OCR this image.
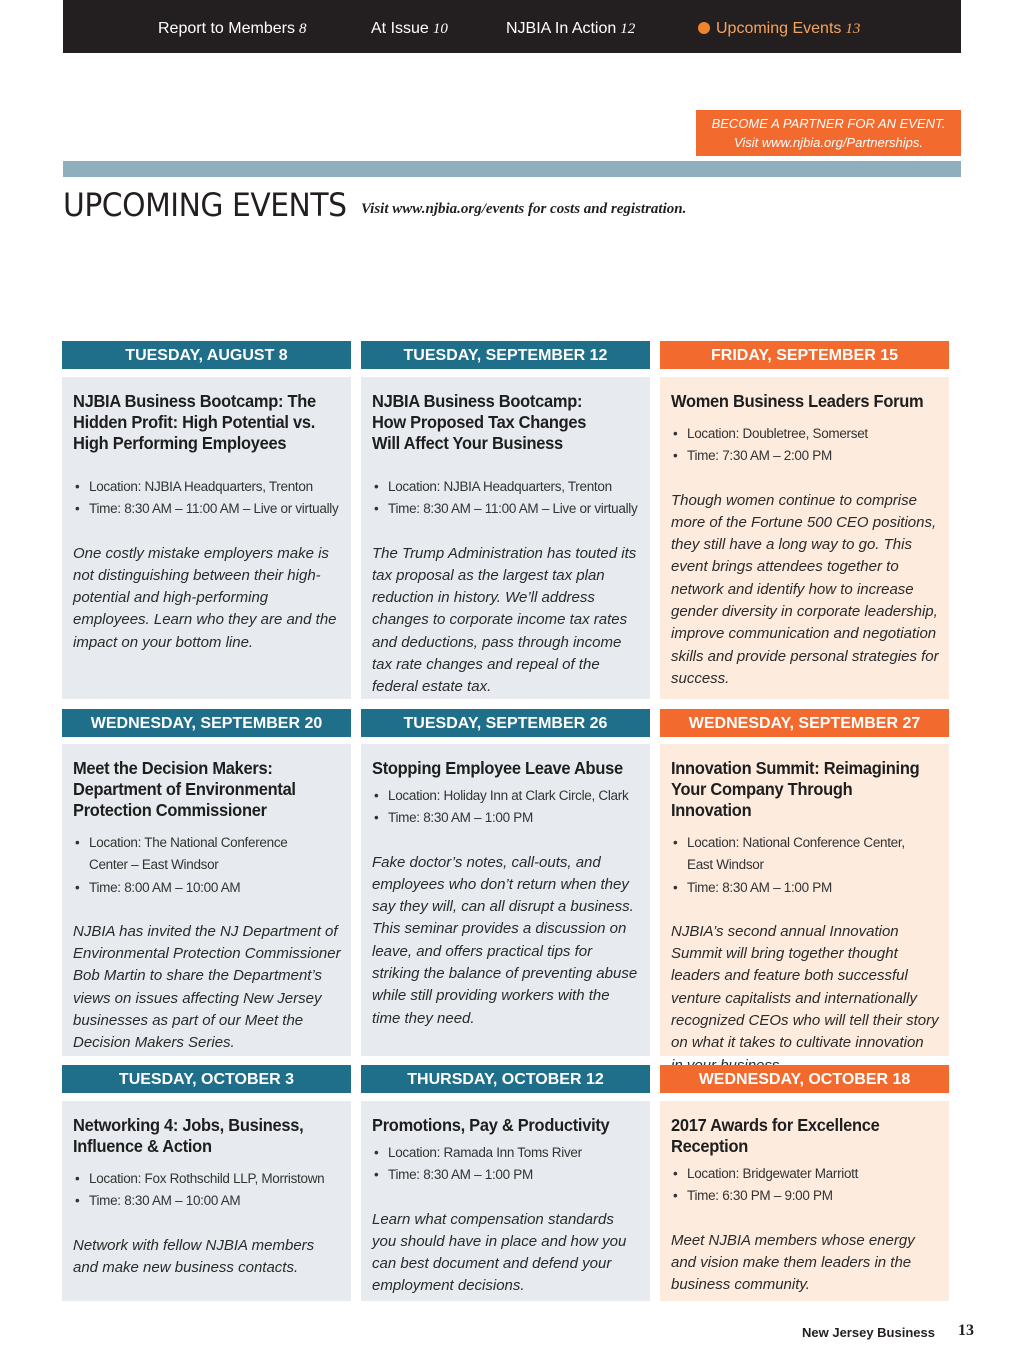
Report to Members 8	At Issue 10	NJBIA In Action 12	Upcoming Events 13
BECOME A PARTNER FOR AN EVENT.
Visit www.njbia.org/Partnerships.
UPCOMING EVENTS Visit www.njbia.org/events for costs and registration.
TUESDAY, AUGUST 8
NJBIA Business Bootcamp: The Hidden Profit: High Potential vs. High Performing Employees
• Location: NJBIA Headquarters, Trenton
• Time: 8:30 AM – 11:00 AM – Live or virtually
One costly mistake employers make is not distinguishing between their high-potential and high-performing employees. Learn who they are and the impact on your bottom line.
TUESDAY, SEPTEMBER 12
NJBIA Business Bootcamp: How Proposed Tax Changes Will Affect Your Business
• Location: NJBIA Headquarters, Trenton
• Time: 8:30 AM – 11:00 AM – Live or virtually
The Trump Administration has touted its tax proposal as the largest tax plan reduction in history. We’ll address changes to corporate income tax rates and deductions, pass through income tax rate changes and repeal of the federal estate tax.
FRIDAY, SEPTEMBER 15
Women Business Leaders Forum
• Location: Doubletree, Somerset
• Time: 7:30 AM – 2:00 PM
Though women continue to comprise more of the Fortune 500 CEO positions, they still have a long way to go. This event brings attendees together to network and identify how to increase gender diversity in corporate leadership, improve communication and negotiation skills and provide personal strategies for success.
WEDNESDAY, SEPTEMBER 20
Meet the Decision Makers: Department of Environmental Protection Commissioner
• Location: The National Conference Center – East Windsor
• Time: 8:00 AM – 10:00 AM
NJBIA has invited the NJ Department of Environmental Protection Commissioner Bob Martin to share the Department’s views on issues affecting New Jersey businesses as part of our Meet the Decision Makers Series.
TUESDAY, SEPTEMBER 26
Stopping Employee Leave Abuse
• Location: Holiday Inn at Clark Circle, Clark
• Time: 8:30 AM – 1:00 PM
Fake doctor’s notes, call-outs, and employees who don’t return when they say they will, can all disrupt a business. This seminar provides a discussion on leave, and offers practical tips for striking the balance of preventing abuse while still providing workers with the time they need.
WEDNESDAY, SEPTEMBER 27
Innovation Summit: Reimagining Your Company Through Innovation
• Location: National Conference Center, East Windsor
• Time: 8:30 AM – 1:00 PM
NJBIA’s second annual Innovation Summit will bring together thought leaders and feature both successful venture capitalists and internationally recognized CEOs who will tell their story on what it takes to cultivate innovation
TUESDAY, OCTOBER 3
Networking 4: Jobs, Business, Influence & Action
• Location: Fox Rothschild LLP, Morristown
• Time: 8:30 AM – 10:00 AM
Network with fellow NJBIA members and make new business contacts.
THURSDAY, OCTOBER 12
Promotions, Pay & Productivity
• Location: Ramada Inn Toms River
• Time: 8:30 AM – 1:00 PM
Learn what compensation standards you should have in place and how you can best document and defend your employment decisions.
WEDNESDAY, OCTOBER 18
2017 Awards for Excellence Reception
• Location: Bridgewater Marriott
• Time: 6:30 PM – 9:00 PM
Meet NJBIA members whose energy and vision make them leaders in the business community.
New Jersey Business 13
